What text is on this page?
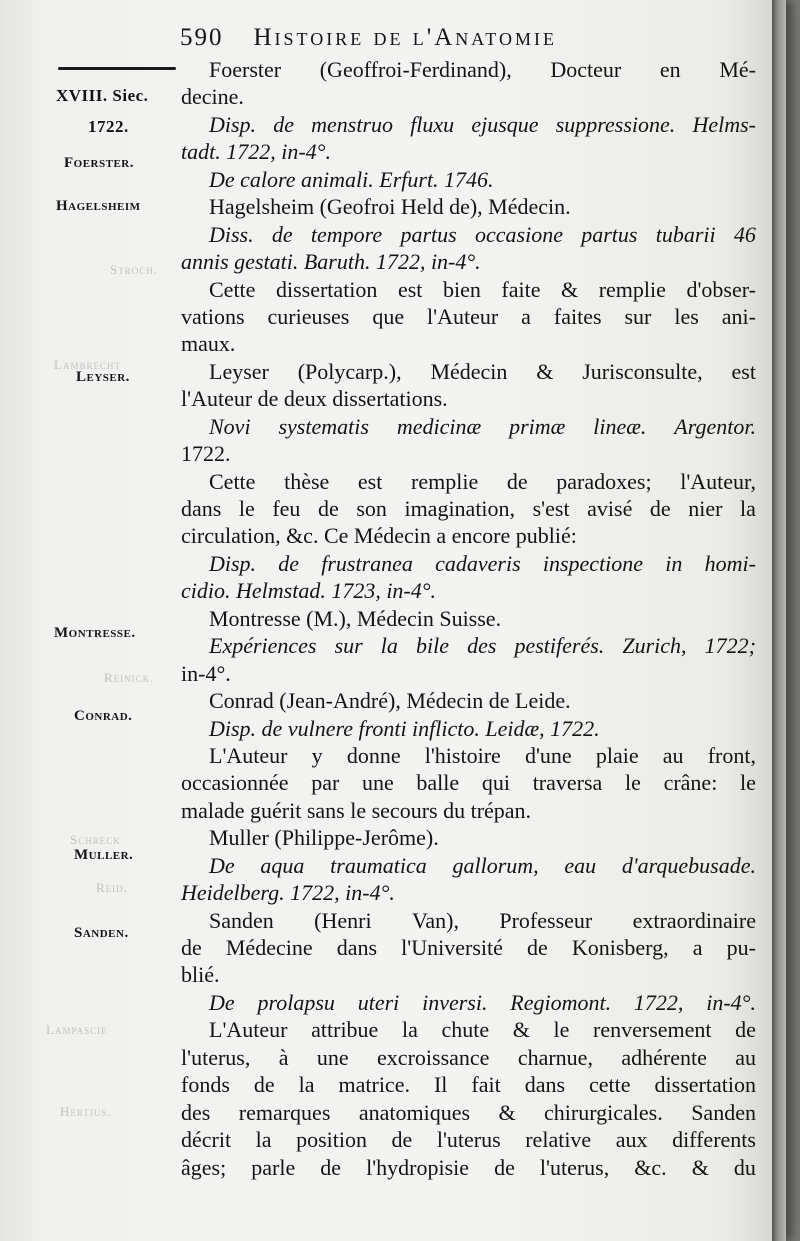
Stroch.
Lambrecht
Reinick.
Schreck
Reid.
Lampascie
Hertius.
590 Histoire de l'Anatomie
XVIII. Siec.
1722.
Foerster.
Hagelsheim
Leyser.
Montresse.
Conrad.
Muller.
Sanden.
Foerster (Geoffroi-Ferdinand), Docteur en Mé-
decine.
Disp. de menstruo fluxu ejusque suppressione. Helms-
tadt. 1722, in-4°.
De calore animali. Erfurt. 1746.
Hagelsheim (Geofroi Held de), Médecin.
Diss. de tempore partus occasione partus tubarii 46
annis gestati. Baruth. 1722, in-4°.
Cette dissertation est bien faite & remplie d'obser-
vations curieuses que l'Auteur a faites sur les ani-
maux.
Leyser (Polycarp.), Médecin & Jurisconsulte, est
l'Auteur de deux dissertations.
Novi systematis medicinæ primæ lineæ. Argentor.
1722.
Cette thèse est remplie de paradoxes; l'Auteur,
dans le feu de son imagination, s'est avisé de nier la
circulation, &c. Ce Médecin a encore publié:
Disp. de frustranea cadaveris inspectione in homi-
cidio. Helmstad. 1723, in-4°.
Montresse (M.), Médecin Suisse.
Expériences sur la bile des pestiferés. Zurich, 1722;
in-4°.
Conrad (Jean-André), Médecin de Leide.
Disp. de vulnere fronti inflicto. Leidæ, 1722.
L'Auteur y donne l'histoire d'une plaie au front,
occasionnée par une balle qui traversa le crâne: le
malade guérit sans le secours du trépan.
Muller (Philippe-Jerôme).
De aqua traumatica gallorum, eau d'arquebusade.
Heidelberg. 1722, in-4°.
Sanden (Henri Van), Professeur extraordinaire
de Médecine dans l'Université de Konisberg, a pu-
blié.
De prolapsu uteri inversi. Regiomont. 1722, in-4°.
L'Auteur attribue la chute & le renversement de
l'uterus, à une excroissance charnue, adhérente au
fonds de la matrice. Il fait dans cette dissertation
des remarques anatomiques & chirurgicales. Sanden
décrit la position de l'uterus relative aux differents
âges; parle de l'hydropisie de l'uterus, &c. & du
